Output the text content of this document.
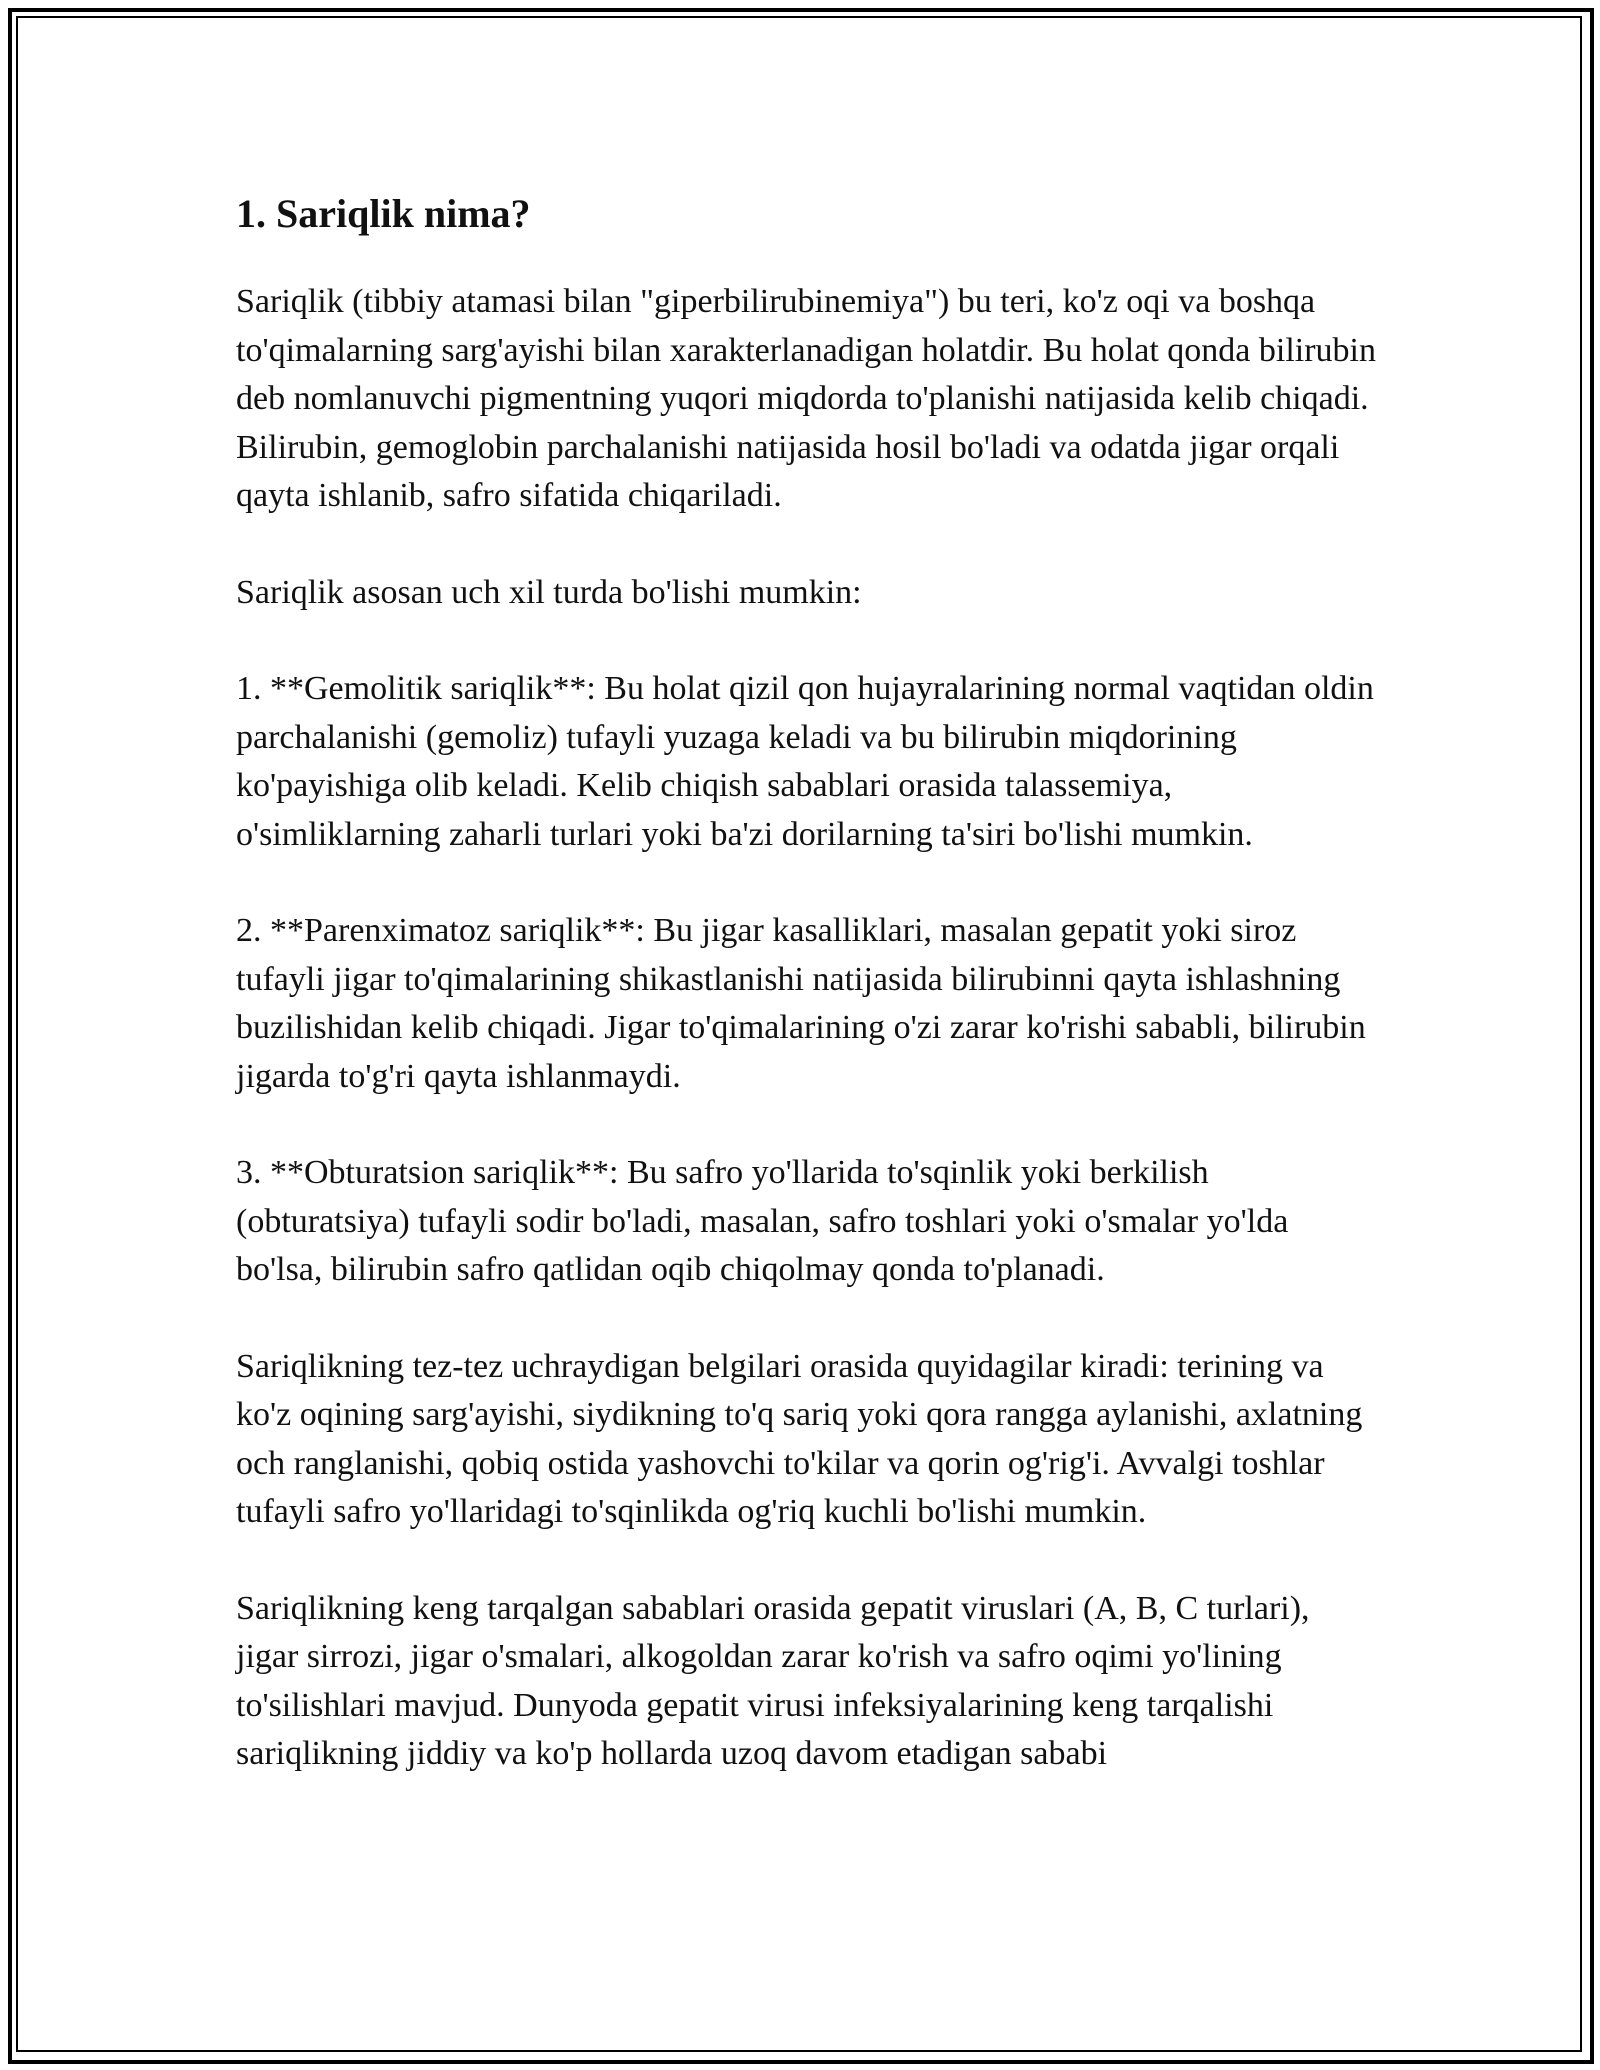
1. Sariqlik nima?

Sariqlik (tibbiy atamasi bilan "giperbilirubinemiya") bu teri, ko'z oqi va boshqa to'qimalarning sarg'ayishi bilan xarakterlanadigan holatdir. Bu holat qonda bilirubin deb nomlanuvchi pigmentning yuqori miqdorda to'planishi natijasida kelib chiqadi. Bilirubin, gemoglobin parchalanishi natijasida hosil bo'ladi va odatda jigar orqali qayta ishlanib, safro sifatida chiqariladi.

Sariqlik asosan uch xil turda bo'lishi mumkin:

1. **Gemolitik sariqlik**: Bu holat qizil qon hujayralarining normal vaqtidan oldin parchalanishi (gemoliz) tufayli yuzaga keladi va bu bilirubin miqdorining ko'payishiga olib keladi. Kelib chiqish sabablari orasida talassemiya, o'simliklarning zaharli turlari yoki ba'zi dorilarning ta'siri bo'lishi mumkin.

2. **Parenximatoz sariqlik**: Bu jigar kasalliklari, masalan gepatit yoki siroz tufayli jigar to'qimalarining shikastlanishi natijasida bilirubinni qayta ishlashning buzilishidan kelib chiqadi. Jigar to'qimalarining o'zi zarar ko'rishi sababli, bilirubin jigarda to'g'ri qayta ishlanmaydi.

3. **Obturatsion sariqlik**: Bu safro yo'llarida to'sqinlik yoki berkilish (obturatsiya) tufayli sodir bo'ladi, masalan, safro toshlari yoki o'smalar yo'lda bo'lsa, bilirubin safro qatlidan oqib chiqolmay qonda to'planadi.

Sariqlikning tez-tez uchraydigan belgilari orasida quyidagilar kiradi: terining va ko'z oqining sarg'ayishi, siydikning to'q sariq yoki qora rangga aylanishi, axlatning och ranglanishi, qobiq ostida yashovchi to'kilar va qorin og'rig'i. Avvalgi toshlar tufayli safro yo'llaridagi to'sqinlikda og'riq kuchli bo'lishi mumkin.

Sariqlikning keng tarqalgan sabablari orasida gepatit viruslari (A, B, C turlari), jigar sirrozi, jigar o'smalari, alkogoldan zarar ko'rish va safro oqimi yo'lining to'silishlari mavjud. Dunyoda gepatit virusi infeksiyalarining keng tarqalishi sariqlikning jiddiy va ko'p hollarda uzoq davom etadigan sababi
